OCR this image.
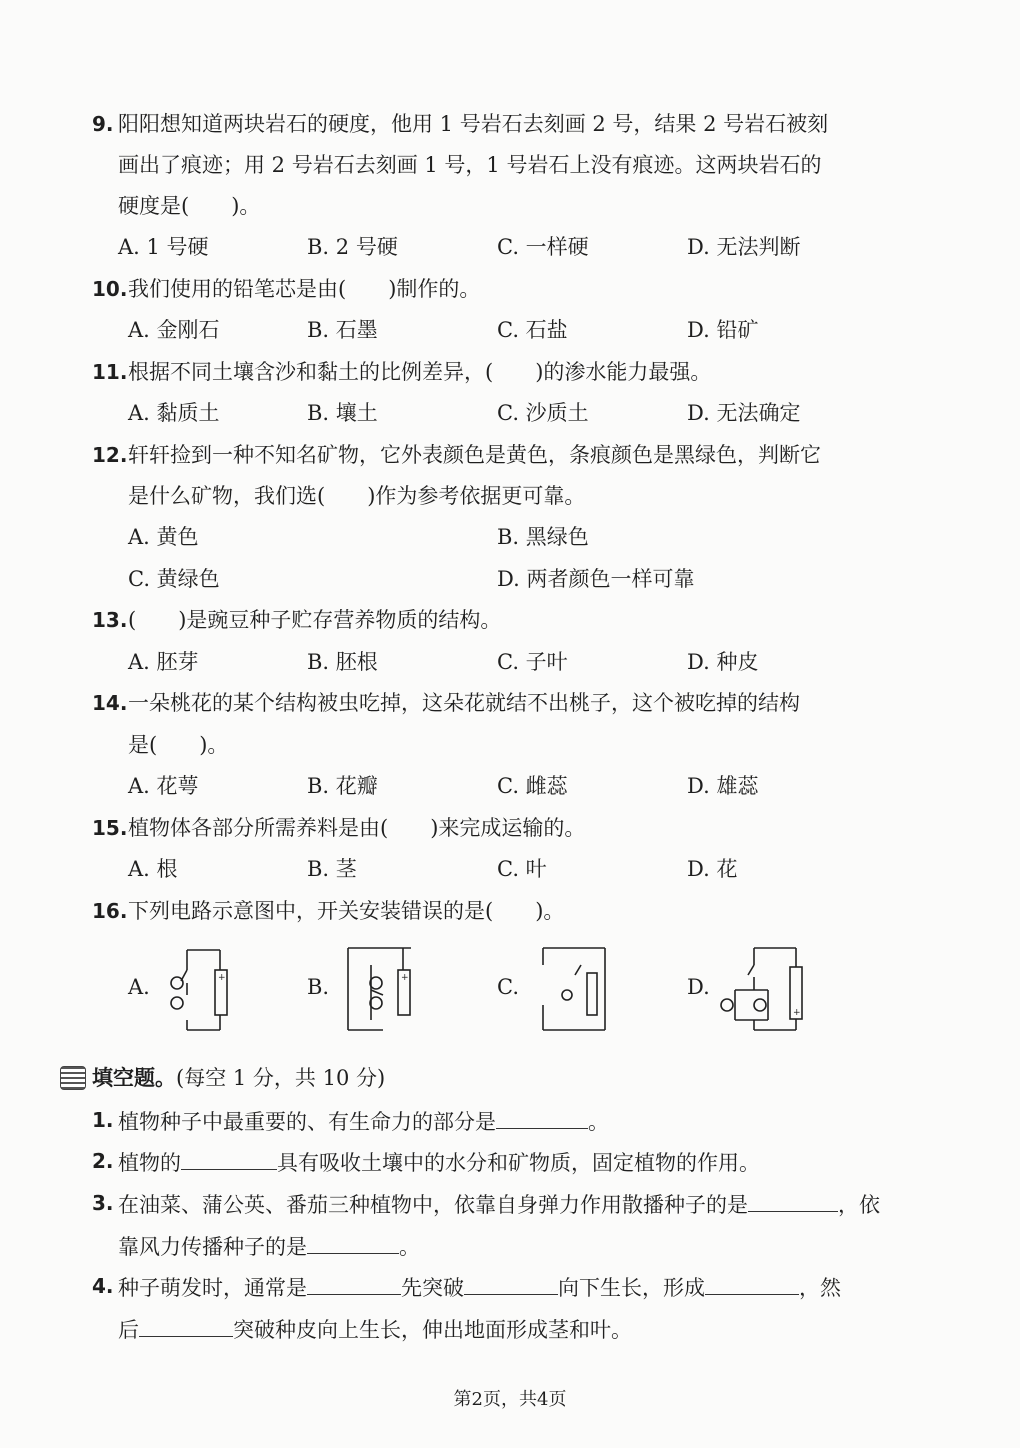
9. 阳阳想知道两块岩石的硬度，他用 1 号岩石去刻画 2 号，结果 2 号岩石被刻
画出了痕迹；用 2 号岩石去刻画 1 号，1 号岩石上没有痕迹。这两块岩石的
硬度是(　　)。
A. 1 号硬	B. 2 号硬	C. 一样硬	D. 无法判断
10. 我们使用的铅笔芯是由(　　)制作的。
A. 金刚石	B. 石墨	C. 石盐	D. 铅矿
11. 根据不同土壤含沙和黏土的比例差异，(　　)的渗水能力最强。
A. 黏质土	B. 壤土	C. 沙质土	D. 无法确定
12. 轩轩捡到一种不知名矿物，它外表颜色是黄色，条痕颜色是黑绿色，判断它
是什么矿物，我们选(　　)作为参考依据更可靠。
A. 黄色	B. 黑绿色
C. 黄绿色	D. 两者颜色一样可靠
13. (　　)是豌豆种子贮存营养物质的结构。
A. 胚芽	B. 胚根	C. 子叶	D. 种皮
14. 一朵桃花的某个结构被虫吃掉，这朵花就结不出桃子，这个被吃掉的结构
是(　　)。
A. 花萼	B. 花瓣	C. 雌蕊	D. 雄蕊
15. 植物体各部分所需养料是由(　　)来完成运输的。
A. 根	B. 茎	C. 叶	D. 花
16. 下列电路示意图中，开关安装错误的是(　　)。
A.	+	B.	+	C.	D.
+
填空题。(每空 1 分，共 10 分)
1. 植物种子中最重要的、有生命力的部分是	。
2. 植物的	具有吸收土壤中的水分和矿物质，固定植物的作用。
3. 在油菜、蒲公英、番茄三种植物中，依靠自身弹力作用散播种子的是	，依
靠风力传播种子的是	。
4. 种子萌发时，通常是	先突破	向下生长，形成	，然
后	突破种皮向上生长，伸出地面形成茎和叶。
第2页，共4页
